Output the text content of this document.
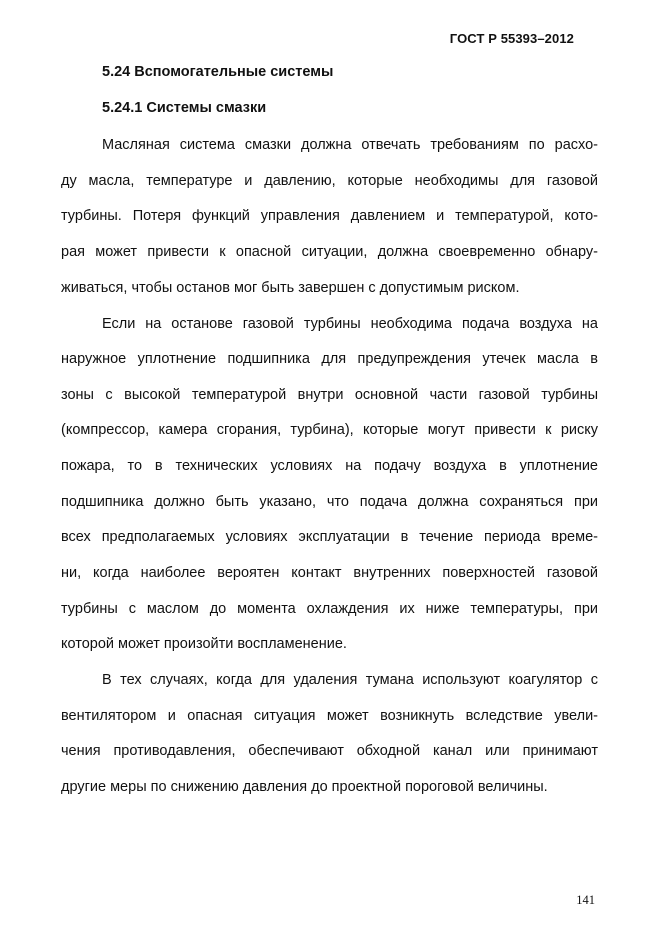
ГОСТ Р 55393–2012
5.24 Вспомогательные системы
5.24.1 Системы смазки
Масляная система смазки должна отвечать требованиям по расхо-
ду масла, температуре и давлению, которые необходимы для газовой
турбины. Потеря функций управления давлением и температурой, кото-
рая может привести к опасной ситуации, должна своевременно обнару-
живаться, чтобы останов мог быть завершен с допустимым риском.
Если на останове газовой турбины необходима подача воздуха на
наружное уплотнение подшипника для предупреждения утечек масла в
зоны с высокой температурой внутри основной части газовой турбины
(компрессор, камера сгорания, турбина), которые могут привести к риску
пожара, то в технических условиях на подачу воздуха в уплотнение
подшипника должно быть указано, что подача должна сохраняться при
всех предполагаемых условиях эксплуатации в течение периода време-
ни, когда наиболее вероятен контакт внутренних поверхностей газовой
турбины с маслом до момента охлаждения их ниже температуры, при
которой может произойти воспламенение.
В тех случаях, когда для удаления тумана используют коагулятор с
вентилятором и опасная ситуация может возникнуть вследствие увели-
чения противодавления, обеспечивают обходной канал или принимают
другие меры по снижению давления до проектной пороговой величины.
141
